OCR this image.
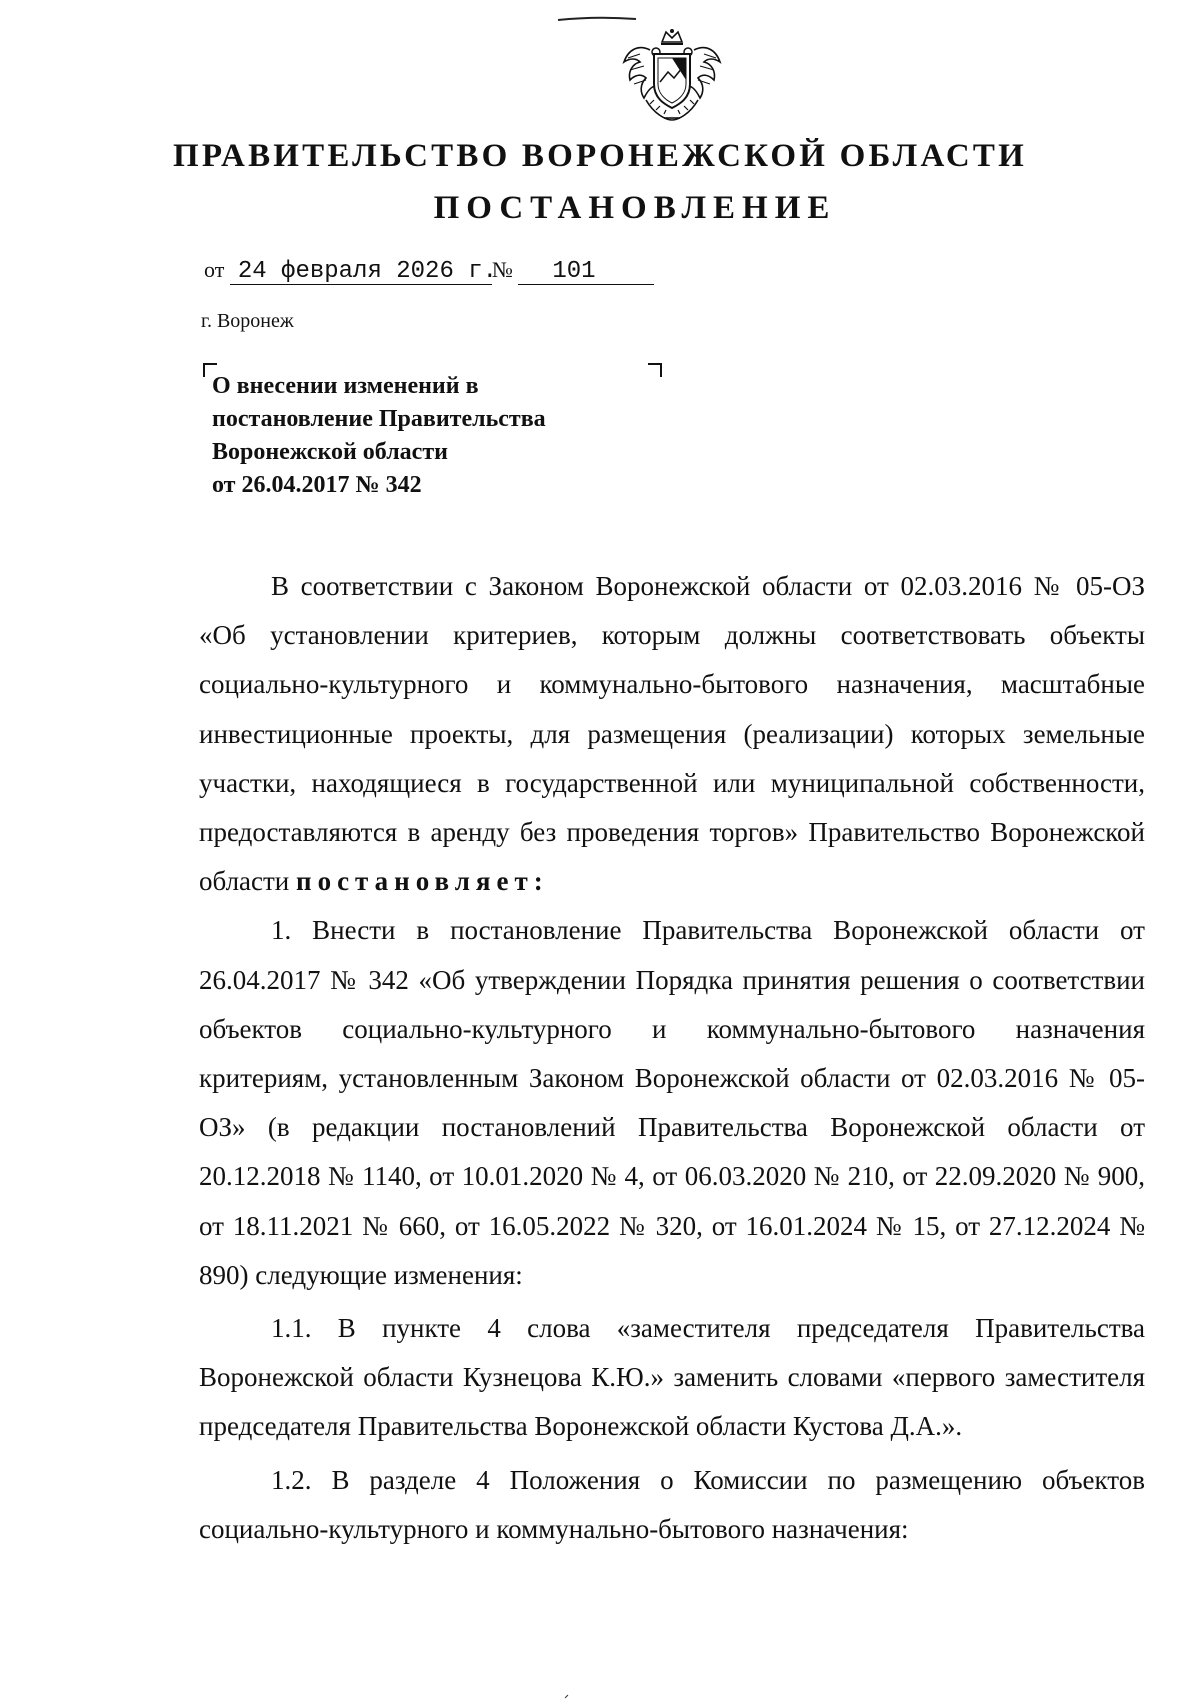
ПРАВИТЕЛЬСТВО ВОРОНЕЖСКОЙ ОБЛАСТИ
ПОСТАНОВЛЕНИЕ
от 24 февраля 2026 г.№ 101
г. Воронеж
О внесении изменений в
постановление Правительства
Воронежской области
от 26.04.2017 № 342

В соответствии с Законом Воронежской области от 02.03.2016 № 05-ОЗ «Об установлении критериев, которым должны соответствовать объекты социально-культурного и коммунально-бытового назначения, масштабные инвестиционные проекты, для размещения (реализации) которых земельные участки, находящиеся в государственной или муниципальной собственности, предоставляются в аренду без проведения торгов» Правительство Воронежской области постановляет:

1. Внести в постановление Правительства Воронежской области от 26.04.2017 № 342 «Об утверждении Порядка принятия решения о соответствии объектов социально-культурного и коммунально-бытового назначения критериям, установленным Законом Воронежской области от 02.03.2016 № 05-ОЗ» (в редакции постановлений Правительства Воронежской области от 20.12.2018 № 1140, от 10.01.2020 № 4, от 06.03.2020 № 210, от 22.09.2020 № 900, от 18.11.2021 № 660, от 16.05.2022 № 320, от 16.01.2024 № 15, от 27.12.2024 № 890) следующие изменения:

1.1. В пункте 4 слова «заместителя председателя Правительства Воронежской области Кузнецова К.Ю.» заменить словами «первого заместителя председателя Правительства Воронежской области Кустова Д.А.».

1.2. В разделе 4 Положения о Комиссии по размещению объектов социально-культурного и коммунально-бытового назначения:
